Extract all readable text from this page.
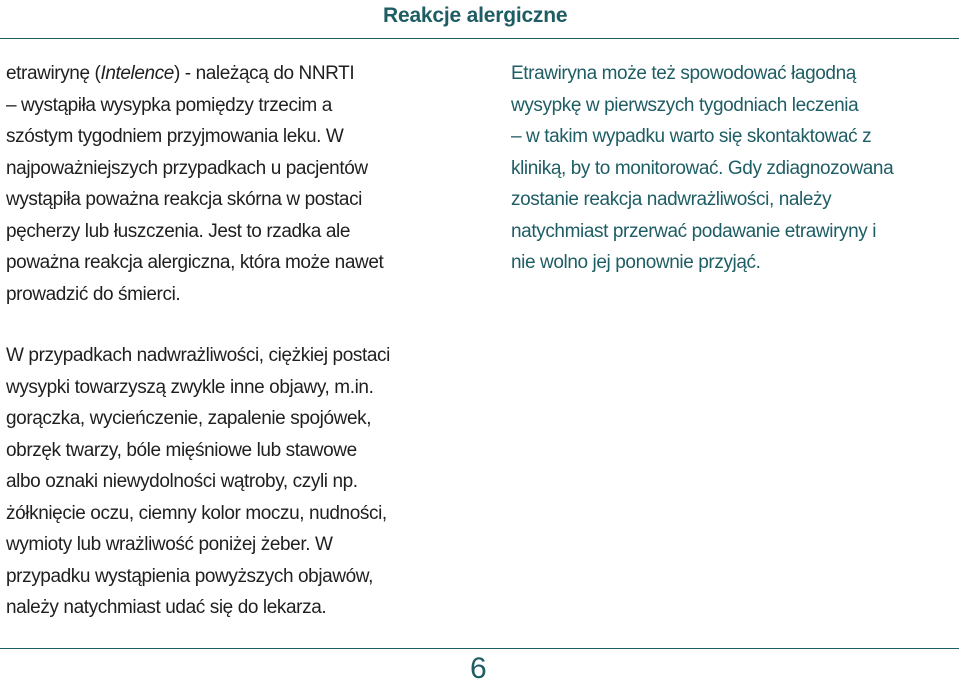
Reakcje alergiczne
etrawirynę (Intelence) - należącą do NNRTI
– wystąpiła wysypka pomiędzy trzecim a
szóstym tygodniem przyjmowania leku. W
najpoważniejszych przypadkach u pacjentów
wystąpiła poważna reakcja skórna w postaci
pęcherzy lub łuszczenia. Jest to rzadka ale
poważna reakcja alergiczna, która może nawet
prowadzić do śmierci.
Etrawiryna może też spowodować łagodną
wysypkę w pierwszych tygodniach leczenia
– w takim wypadku warto się skontaktować z
kliniką, by to monitorować. Gdy zdiagnozowana
zostanie reakcja nadwrażliwości, należy
natychmiast przerwać podawanie etrawiryny i
nie wolno jej ponownie przyjąć.
W przypadkach nadwrażliwości, ciężkiej postaci
wysypki towarzyszą zwykle inne objawy, m.in.
gorączka, wycieńczenie, zapalenie spojówek,
obrzęk twarzy, bóle mięśniowe lub stawowe
albo oznaki niewydolności wątroby, czyli np.
żółknięcie oczu, ciemny kolor moczu, nudności,
wymioty lub wrażliwość poniżej żeber. W
przypadku wystąpienia powyższych objawów,
należy natychmiast udać się do lekarza.
6
